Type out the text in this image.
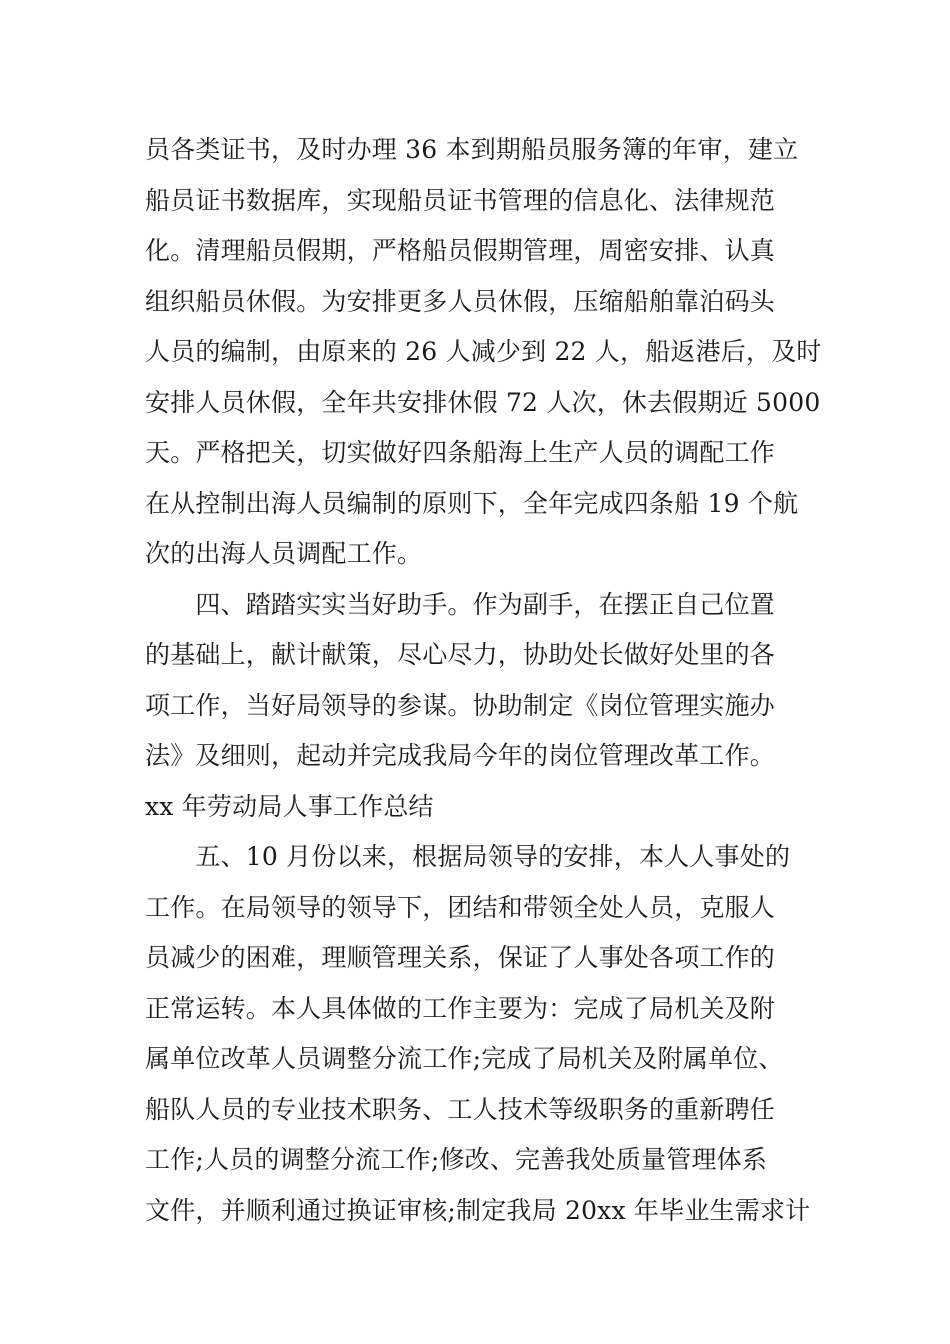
员各类证书，及时办理 36 本到期船员服务簿的年审，建立
船员证书数据库，实现船员证书管理的信息化、法律规范
化。清理船员假期，严格船员假期管理，周密安排、认真
组织船员休假。为安排更多人员休假，压缩船舶靠泊码头
人员的编制，由原来的 26 人减少到 22 人，船返港后，及时
安排人员休假，全年共安排休假 72 人次，休去假期近 5000
天。严格把关，切实做好四条船海上生产人员的调配工作
在从控制出海人员编制的原则下，全年完成四条船 19 个航
次的出海人员调配工作。
　　四、踏踏实实当好助手。作为副手，在摆正自己位置
的基础上，献计献策，尽心尽力，协助处长做好处里的各
项工作，当好局领导的参谋。协助制定《岗位管理实施办
法》及细则，起动并完成我局今年的岗位管理改革工作。
xx 年劳动局人事工作总结
　　五、10 月份以来，根据局领导的安排，本人人事处的
工作。在局领导的领导下，团结和带领全处人员，克服人
员减少的困难，理顺管理关系，保证了人事处各项工作的
正常运转。本人具体做的工作主要为：完成了局机关及附
属单位改革人员调整分流工作;完成了局机关及附属单位、
船队人员的专业技术职务、工人技术等级职务的重新聘任
工作;人员的调整分流工作;修改、完善我处质量管理体系
文件，并顺利通过换证审核;制定我局 20xx 年毕业生需求计
